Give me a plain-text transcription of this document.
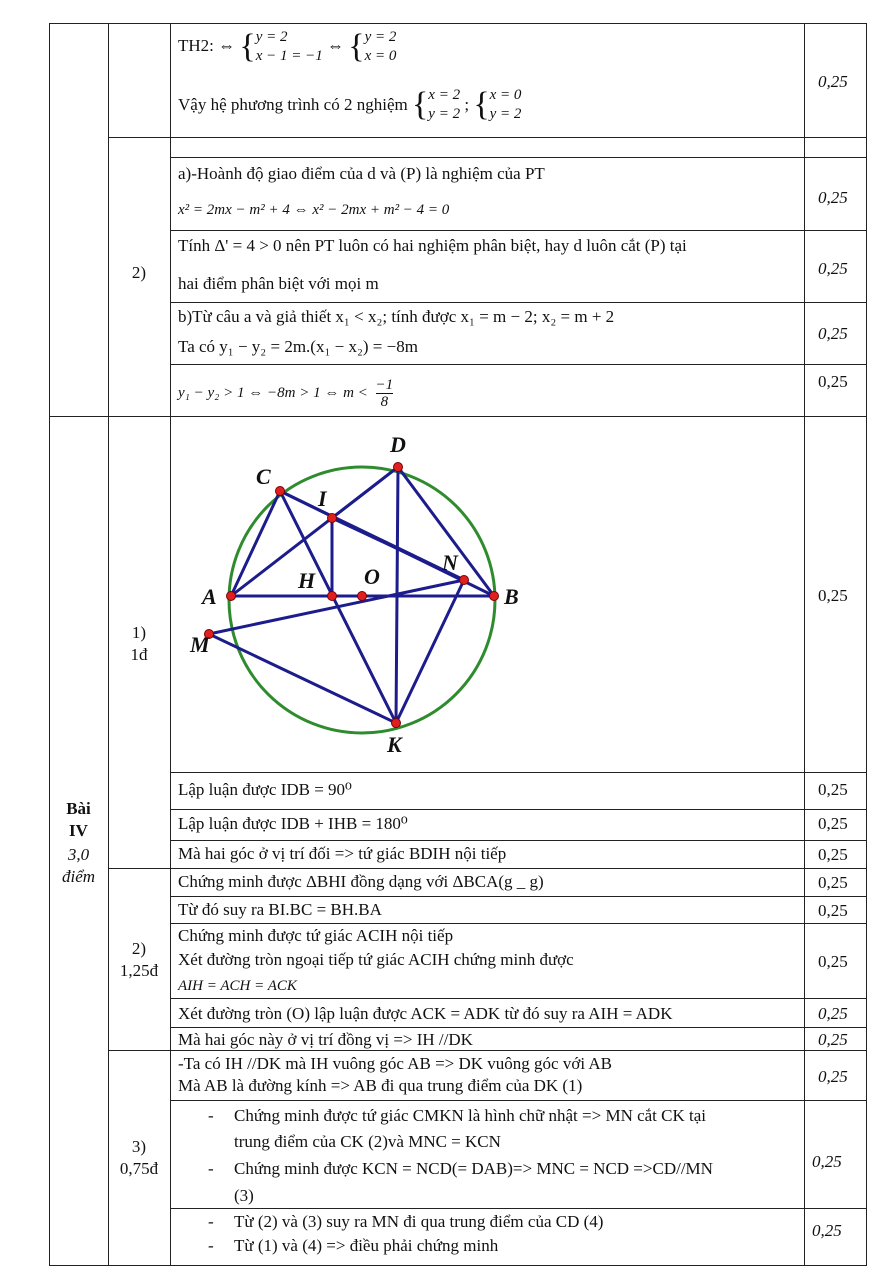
TH2: ⇔ {y = 2
x − 1 = −1 ⇔ {y = 2
x = 0
Vậy hệ phương trình có 2 nghiệm {x = 2
y = 2 ; {x = 0
y = 2
0,25
2)
a)-Hoành độ giao điểm của d và (P) là nghiệm của PT
x² = 2mx − m² + 4 ⇔ x² − 2mx + m² − 4 = 0
0,25
Tính Δ' = 4 > 0 nên PT luôn có hai nghiệm phân biệt, hay d luôn cắt (P) tại
hai điểm phân biệt với mọi m
0,25
b)Từ câu a và giả thiết x₁ < x₂; tính được x₁ = m − 2; x₂ = m + 2
Ta có y₁ − y₂ = 2m.(x₁ − x₂) = −8m
0,25
y₁ − y₂ > 1 ⇔ −8m > 1 ⇔ $m < \frac{-1}{8}$	0,25
Bài
IV
3,0
điểm
1)
1đ
D
C
I
A
H O
N
B
M
K
0,25
Lập luận được IDB = 90⁰	0,25
Lập luận được IDB + IHB = 180⁰	0,25
Mà hai góc ở vị trí đối => tứ giác BDIH nội tiếp	0,25
2)
1,25đ
Chứng minh được ΔBHI đồng dạng với ΔBCA(g _ g)	0,25
Từ đó suy ra BI.BC = BH.BA	0,25
Chứng minh được tứ giác ACIH nội tiếp
Xét đường tròn ngoại tiếp tứ giác ACIH chứng minh được
AIH = ACH = ACK
0,25
Xét đường tròn (O) lập luận được ACK = ADK từ đó suy ra AIH = ADK	0,25
Mà hai góc này ở vị trí đồng vị => IH //DK	0,25
3)
0,75đ
-Ta có IH //DK mà IH vuông góc AB => DK vuông góc với AB
Mà AB là đường kính => AB đi qua trung điểm của DK (1)	0,25
- Chứng minh được tứ giác CMKN là hình chữ nhật => MN cắt CK tại
trung điểm của CK (2)và MNC = KCN
- Chứng minh được KCN = NCD(= DAB)=> MNC = NCD =>CD//MN
(3)
0,25
- Từ (2) và (3) suy ra MN đi qua trung điểm của CD (4)
- Từ (1) và (4) => điều phải chứng minh
0,25
